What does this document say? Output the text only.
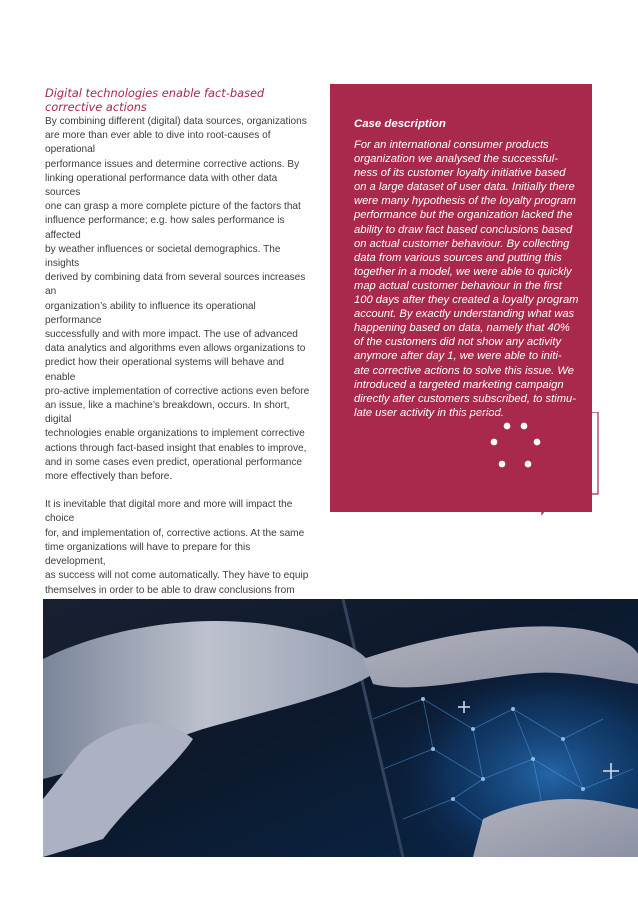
Digital technologies enable fact-based
corrective actions

By combining different (digital) data sources, organizations
are more than ever able to dive into root-causes of operational
performance issues and determine corrective actions. By
linking operational performance data with other data sources
one can grasp a more complete picture of the factors that
influence performance; e.g. how sales performance is affected
by weather influences or societal demographics. The insights
derived by combining data from several sources increases an
organization’s ability to influence its operational performance
successfully and with more impact. The use of advanced
data analytics and algorithms even allows organizations to
predict how their operational systems will behave and enable
pro-active implementation of corrective actions even before
an issue, like a machine’s breakdown, occurs. In short, digital
technologies enable organizations to implement corrective
actions through fact-based insight that enables to improve,
and in some cases even predict, operational performance
more effectively than before.

It is inevitable that digital more and more will impact the choice
for, and implementation of, corrective actions. At the same
time organizations will have to prepare for this development,
as success will not come automatically. They have to equip
themselves in order to be able to draw conclusions from

Case description
For an international consumer products
organization we analysed the successful-
ness of its customer loyalty initiative based
on a large dataset of user data. Initially there
were many hypothesis of the loyalty program
performance but the organization lacked the
ability to draw fact based conclusions based
on actual customer behaviour. By collecting
data from various sources and putting this
together in a model, we were able to quickly
map actual customer behaviour in the first
100 days after they created a loyalty program
account. By exactly understanding what was
happening based on data, namely that 40%
of the customers did not show any activity
anymore after day 1, we were able to initi-
ate corrective actions to solve this issue. We
introduced a targeted marketing campaign
directly after customers subscribed, to stimu-
late user activity in this period.
